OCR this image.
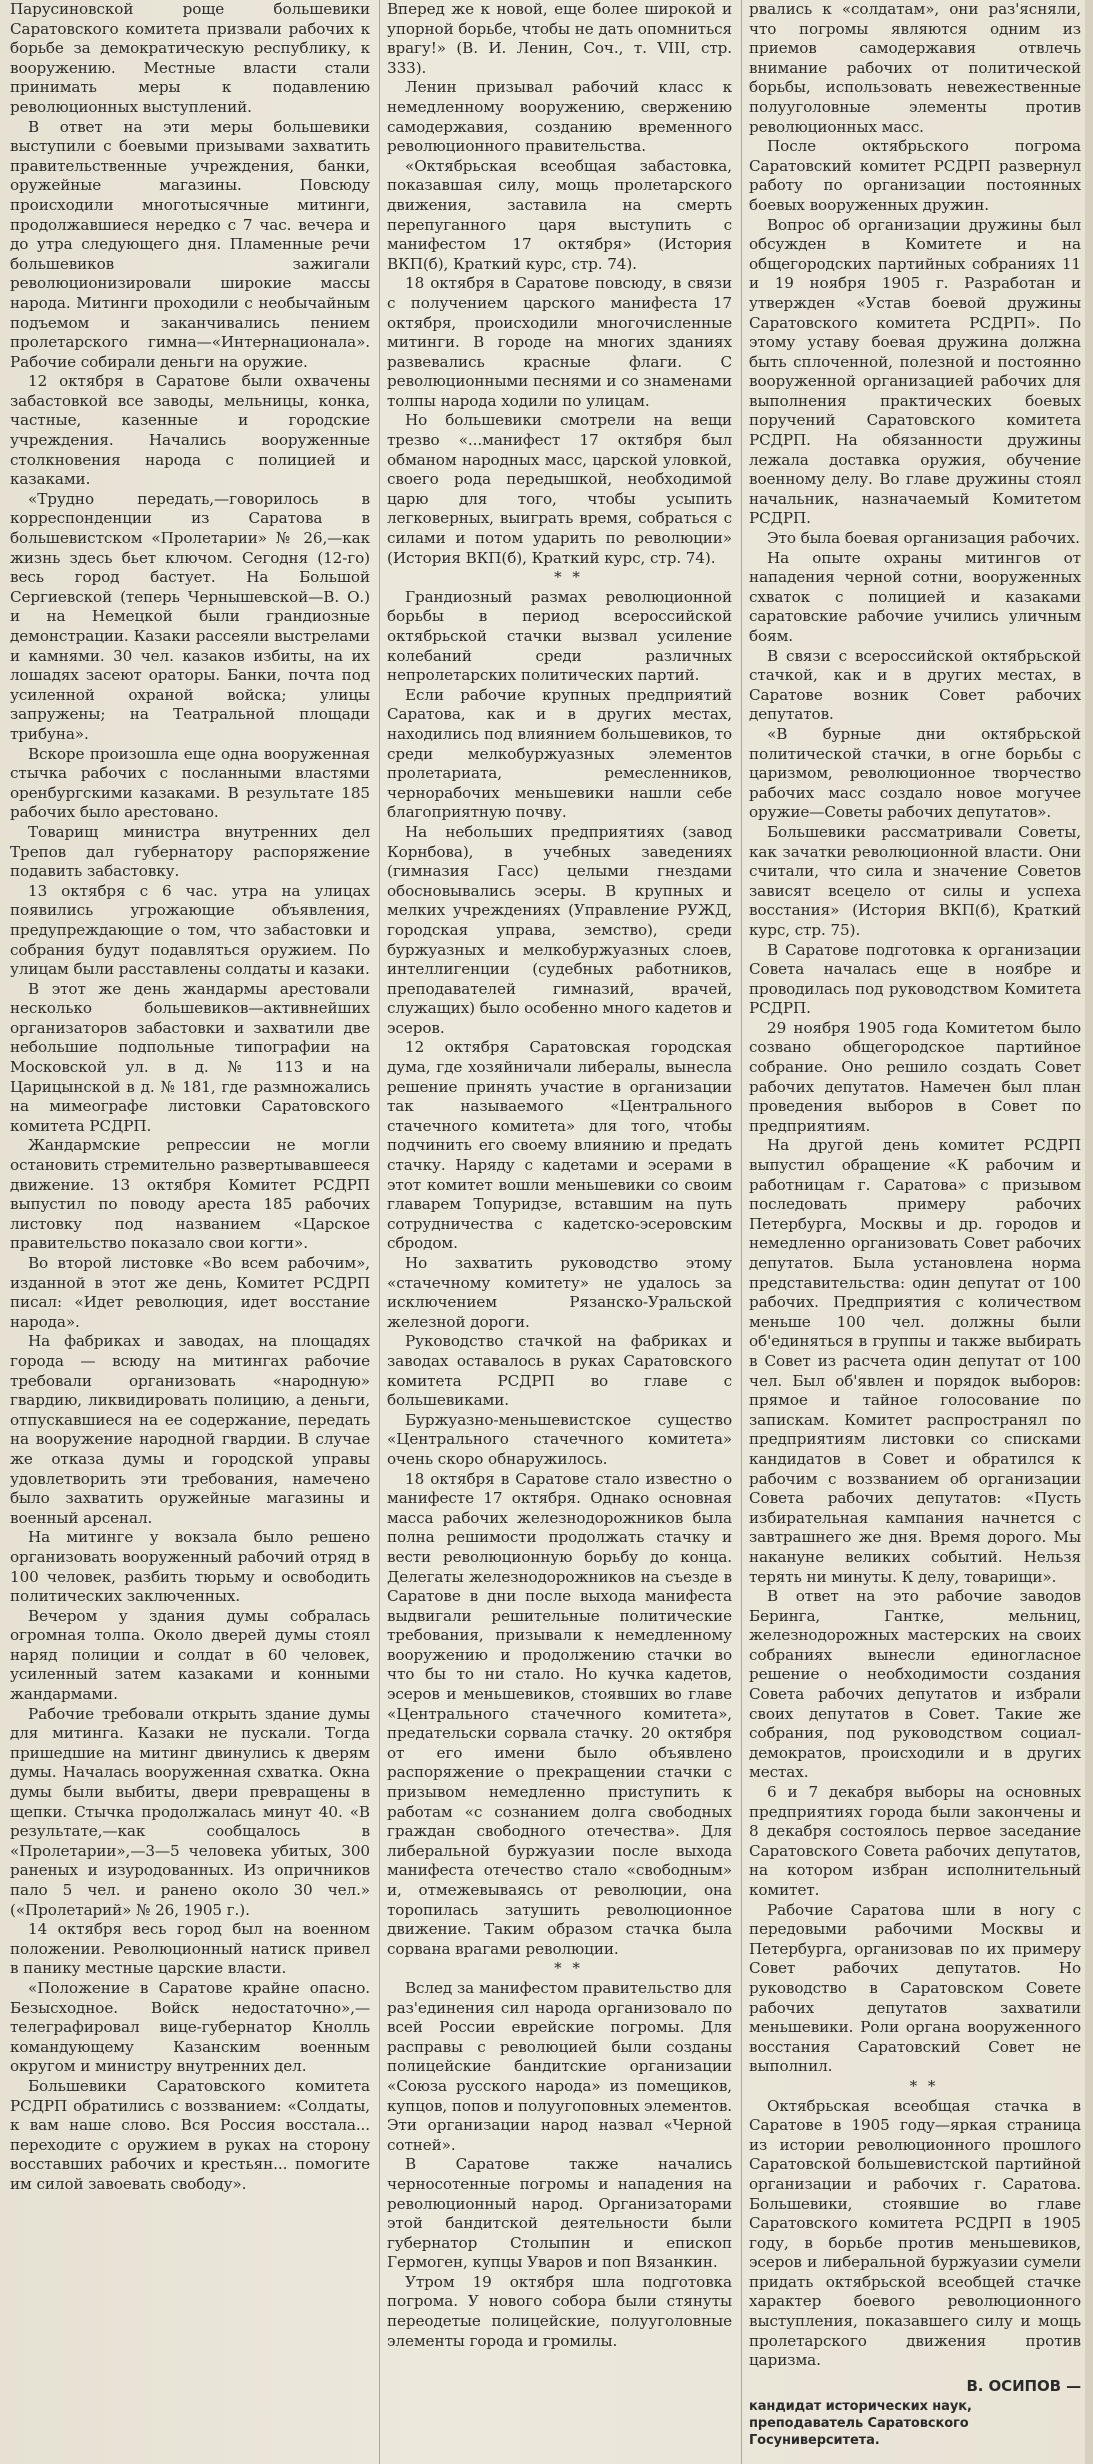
Парусиновской роще большевики Саратовского комитета призвали рабочих к борьбе за демократическую республику, к вооружению. Местные власти стали принимать меры к подавлению революционных выступлений.

В ответ на эти меры большевики выступили с боевыми призывами захватить правительственные учреждения, банки, оружейные магазины. Повсюду происходили многотысячные митинги, продолжавшиеся нередко с 7 час. вечера и до утра следующего дня. Пламенные речи большевиков зажигали революционизировали широкие массы народа. Митинги проходили с необычайным подъемом и заканчивались пением пролетарского гимна—«Интернационала». Рабочие собирали деньги на оружие.

12 октября в Саратове были охвачены забастовкой все заводы, мельницы, конка, частные, казенные и городские учреждения. Начались вооруженные столкновения народа с полицией и казаками.

«Трудно передать,—говорилось в корреспонденции из Саратова в большевистском «Пролетарии» № 26,—как жизнь здесь бьет ключом. Сегодня (12-го) весь город бастует. На Большой Сергиевской (теперь Чернышевской—В. О.) и на Немецкой были грандиозные демонстрации. Казаки рассеяли выстрелами и камнями. 30 чел. казаков избиты, на их лошадях засеют ораторы. Банки, почта под усиленной охраной войска; улицы запружены; на Театральной площади трибуна».

Вскоре произошла еще одна вооруженная стычка рабочих с посланными властями оренбургскими казаками. В результате 185 рабочих было арестовано.

Товарищ министра внутренних дел Трепов дал губернатору распоряжение подавить забастовку.

13 октября с 6 час. утра на улицах появились угрожающие объявления, предупреждающие о том, что забастовки и собрания будут подавляться оружием. По улицам были расставлены солдаты и казаки.

В этот же день жандармы арестовали несколько большевиков—активнейших организаторов забастовки и захватили две небольшие подпольные типографии на Московской ул. в д. № 113 и на Царицынской в д. № 181, где размножались на мимеографе листовки Саратовского комитета РСДРП.

Жандармские репрессии не могли остановить стремительно развертывавшееся движение. 13 октября Комитет РСДРП выпустил по поводу ареста 185 рабочих листовку под названием «Царское правительство показало свои когти».

Во второй листовке «Во всем рабочим», изданной в этот же день, Комитет РСДРП писал: «Идет революция, идет восстание народа».

На фабриках и заводах, на площадях города — всюду на митингах рабочие требовали организовать «народную» гвардию, ликвидировать полицию, а деньги, отпускавшиеся на ее содержание, передать на вооружение народной гвардии. В случае же отказа думы и городской управы удовлетворить эти требования, намечено было захватить оружейные магазины и военный арсенал.

На митинге у вокзала было решено организовать вооруженный рабочий отряд в 100 человек, разбить тюрьму и освободить политических заключенных.

Вечером у здания думы собралась огромная толпа. Около дверей думы стоял наряд полиции и солдат в 60 человек, усиленный затем казаками и конными жандармами.

Рабочие требовали открыть здание думы для митинга. Казаки не пускали. Тогда пришедшие на митинг двинулись к дверям думы. Началась вооруженная схватка. Окна думы были выбиты, двери превращены в щепки. Стычка продолжалась минут 40. «В результате,—как сообщалось в «Пролетарии»,—3—5 человека убитых, 300 раненых и изуродованных. Из опричников пало 5 чел. и ранено около 30 чел.» («Пролетарий» № 26, 1905 г.).

14 октября весь город был на военном положении. Революционный натиск привел в панику местные царские власти.

«Положение в Саратове крайне опасно. Безысходное. Войск недостаточно»,—телеграфировал вице-губернатор Кнолль командующему Казанским военным округом и министру внутренних дел.

Большевики Саратовского комитета РСДРП обратились с воззванием: «Солдаты, к вам наше слово. Вся Россия восстала... переходите с оружием в руках на сторону восставших рабочих и крестьян... помогите им силой завоевать свободу».

Вперед же к новой, еще более широкой и упорной борьбе, чтобы не дать опомниться врагу!» (В. И. Ленин, Соч., т. VIII, стр. 333).

Ленин призывал рабочий класс к немедленному вооружению, свержению самодержавия, созданию временного революционного правительства.

«Октябрьская всеобщая забастовка, показавшая силу, мощь пролетарского движения, заставила на смерть перепуганного царя выступить с манифестом 17 октября» (История ВКП(б), Краткий курс, стр. 74).

18 октября в Саратове повсюду, в связи с получением царского манифеста 17 октября, происходили многочисленные митинги. В городе на многих зданиях развевались красные флаги. С революционными песнями и со знаменами толпы народа ходили по улицам.

Но большевики смотрели на вещи трезво «...манифест 17 октября был обманом народных масс, царской уловкой, своего рода передышкой, необходимой царю для того, чтобы усыпить легковерных, выиграть время, собраться с силами и потом ударить по революции» (История ВКП(б), Краткий курс, стр. 74).

* *

Грандиозный размах революционной борьбы в период всероссийской октябрьской стачки вызвал усиление колебаний среди различных непролетарских политических партий.

Если рабочие крупных предприятий Саратова, как и в других местах, находились под влиянием большевиков, то среди мелкобуржуазных элементов пролетариата, ремесленников, чернорабочих меньшевики нашли себе благоприятную почву.

На небольших предприятиях (завод Корнбова), в учебных заведениях (гимназия Гасс) целыми гнездами обосновывались эсеры. В крупных и мелких учреждениях (Управление РУЖД, городская управа, земство), среди буржуазных и мелкобуржуазных слоев, интеллигенции (судебных работников, преподавателей гимназий, врачей, служащих) было особенно много кадетов и эсеров.

12 октября Саратовская городская дума, где хозяйничали либералы, вынесла решение принять участие в организации так называемого «Центрального стачечного комитета» для того, чтобы подчинить его своему влиянию и предать стачку. Наряду с кадетами и эсерами в этот комитет вошли меньшевики со своим главарем Топуридзе, вставшим на путь сотрудничества с кадетско-эсеровским сбродом.

Но захватить руководство этому «стачечному комитету» не удалось за исключением Рязанско-Уральской железной дороги.

Руководство стачкой на фабриках и заводах оставалось в руках Саратовского комитета РСДРП во главе с большевиками.

Буржуазно-меньшевистское существо «Центрального стачечного комитета» очень скоро обнаружилось.

18 октября в Саратове стало известно о манифесте 17 октября. Однако основная масса рабочих железнодорожников была полна решимости продолжать стачку и вести революционную борьбу до конца. Делегаты железнодорожников на съезде в Саратове в дни после выхода манифеста выдвигали решительные политические требования, призывали к немедленному вооружению и продолжению стачки во что бы то ни стало. Но кучка кадетов, эсеров и меньшевиков, стоявших во главе «Центрального стачечного комитета», предательски сорвала стачку. 20 октября от его имени было объявлено распоряжение о прекращении стачки с призывом немедленно приступить к работам «с сознанием долга свободных граждан свободного отечества». Для либеральной буржуазии после выхода манифеста отечество стало «свободным» и, отмежевываясь от революции, она торопилась затушить революционное движение. Таким образом стачка была сорвана врагами революции.

* *

Вслед за манифестом правительство для раз'единения сил народа организовало по всей России еврейские погромы. Для расправы с революцией были созданы полицейские бандитские организации «Союза русского народа» из помещиков, купцов, попов и полуугоповных элементов. Эти организации народ назвал «Черной сотней».

В Саратове также начались черносотенные погромы и нападения на революционный народ. Организаторами этой бандитской деятельности были губернатор Столыпин и епископ Гермоген, купцы Уваров и поп Вязанкин.

Утром 19 октября шла подготовка погрома. У нового собора были стянуты переодетые полицейские, полууголовные элементы города и громилы.

рвались к «солдатам», они раз'ясняли, что погромы являются одним из приемов самодержавия отвлечь внимание рабочих от политической борьбы, использовать невежественные полууголовные элементы против революционных масс.

После октябрьского погрома Саратовский комитет РСДРП развернул работу по организации постоянных боевых вооруженных дружин.

Вопрос об организации дружины был обсужден в Комитете и на общегородских партийных собраниях 11 и 19 ноября 1905 г. Разработан и утвержден «Устав боевой дружины Саратовского комитета РСДРП». По этому уставу боевая дружина должна быть сплоченной, полезной и постоянно вооруженной организацией рабочих для выполнения практических боевых поручений Саратовского комитета РСДРП. На обязанности дружины лежала доставка оружия, обучение военному делу. Во главе дружины стоял начальник, назначаемый Комитетом РСДРП.

Это была боевая организация рабочих.

На опыте охраны митингов от нападения черной сотни, вооруженных схваток с полицией и казаками саратовские рабочие учились уличным боям.

В связи с всероссийской октябрьской стачкой, как и в других местах, в Саратове возник Совет рабочих депутатов.

«В бурные дни октябрьской политической стачки, в огне борьбы с царизмом, революционное творчество рабочих масс создало новое могучее оружие—Советы рабочих депутатов».

Большевики рассматривали Советы, как зачатки революционной власти. Они считали, что сила и значение Советов зависят всецело от силы и успеха восстания» (История ВКП(б), Краткий курс, стр. 75).

В Саратове подготовка к организации Совета началась еще в ноябре и проводилась под руководством Комитета РСДРП.

29 ноября 1905 года Комитетом было созвано общегородское партийное собрание. Оно решило создать Совет рабочих депутатов. Намечен был план проведения выборов в Совет по предприятиям.

На другой день комитет РСДРП выпустил обращение «К рабочим и работницам г. Саратова» с призывом последовать примеру рабочих Петербурга, Москвы и др. городов и немедленно организовать Совет рабочих депутатов. Была установлена норма представительства: один депутат от 100 рабочих. Предприятия с количеством меньше 100 чел. должны были об'единяться в группы и также выбирать в Совет из расчета один депутат от 100 чел. Был об'явлен и порядок выборов: прямое и тайное голосование по запискам. Комитет распространял по предприятиям листовки со списками кандидатов в Совет и обратился к рабочим с воззванием об организации Совета рабочих депутатов: «Пусть избирательная кампания начнется с завтрашнего же дня. Время дорого. Мы накануне великих событий. Нельзя терять ни минуты. К делу, товарищи».

В ответ на это рабочие заводов Беринга, Гантке, мельниц, железнодорожных мастерских на своих собраниях вынесли единогласное решение о необходимости создания Совета рабочих депутатов и избрали своих депутатов в Совет. Такие же собрания, под руководством социал-демократов, происходили и в других местах.

6 и 7 декабря выборы на основных предприятиях города были закончены и 8 декабря состоялось первое заседание Саратовского Совета рабочих депутатов, на котором избран исполнительный комитет.

Рабочие Саратова шли в ногу с передовыми рабочими Москвы и Петербурга, организовав по их примеру Совет рабочих депутатов. Но руководство в Саратовском Совете рабочих депутатов захватили меньшевики. Роли органа вооруженного восстания Саратовский Совет не выполнил.

* *

Октябрьская всеобщая стачка в Саратове в 1905 году—яркая страница из истории революционного прошлого Саратовской большевистской партийной организации и рабочих г. Саратова. Большевики, стоявшие во главе Саратовского комитета РСДРП в 1905 году, в борьбе против меньшевиков, эсеров и либеральной буржуазии сумели придать октябрьской всеобщей стачке характер боевого революционного выступления, показавшего силу и мощь пролетарского движения против царизма.

В. ОСИПОВ —
кандидат исторических наук, преподаватель Саратовского Госуниверситета.
